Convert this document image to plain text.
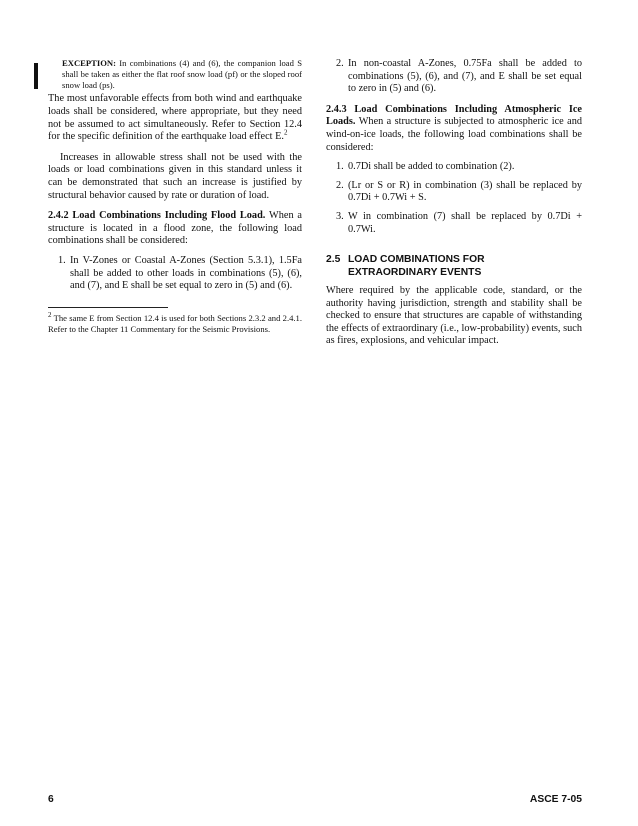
EXCEPTION: In combinations (4) and (6), the companion load S shall be taken as either the flat roof snow load (pf) or the sloped roof snow load (ps).

The most unfavorable effects from both wind and earthquake loads shall be considered, where appropriate, but they need not be assumed to act simultaneously. Refer to Section 12.4 for the specific definition of the earthquake load effect E.$^2$

Increases in allowable stress shall not be used with the loads or load combinations given in this standard unless it can be demonstrated that such an increase is justified by structural behavior caused by rate or duration of load.

2.4.2 Load Combinations Including Flood Load. When a structure is located in a flood zone, the following load combinations shall be considered:

1. In V-Zones or Coastal A-Zones (Section 5.3.1), 1.5Fa shall be added to other loads in combinations (5), (6), and (7), and E shall be set equal to zero in (5) and (6).

$^2$ The same E from Section 12.4 is used for both Sections 2.3.2 and 2.4.1. Refer to the Chapter 11 Commentary for the Seismic Provisions.

2. In non-coastal A-Zones, 0.75Fa shall be added to combinations (5), (6), and (7), and E shall be set equal to zero in (5) and (6).

2.4.3 Load Combinations Including Atmospheric Ice Loads. When a structure is subjected to atmospheric ice and wind-on-ice loads, the following load combinations shall be considered:

1. 0.7Di shall be added to combination (2).
2. (Lr or S or R) in combination (3) shall be replaced by 0.7Di + 0.7Wi + S.
3. W in combination (7) shall be replaced by 0.7Di + 0.7Wi.
2.5 LOAD COMBINATIONS FOR
EXTRAORDINARY EVENTS

Where required by the applicable code, standard, or the authority having jurisdiction, strength and stability shall be checked to ensure that structures are capable of withstanding the effects of extraordinary (i.e., low-probability) events, such as fires, explosions, and vehicular impact.

6	ASCE 7-05
